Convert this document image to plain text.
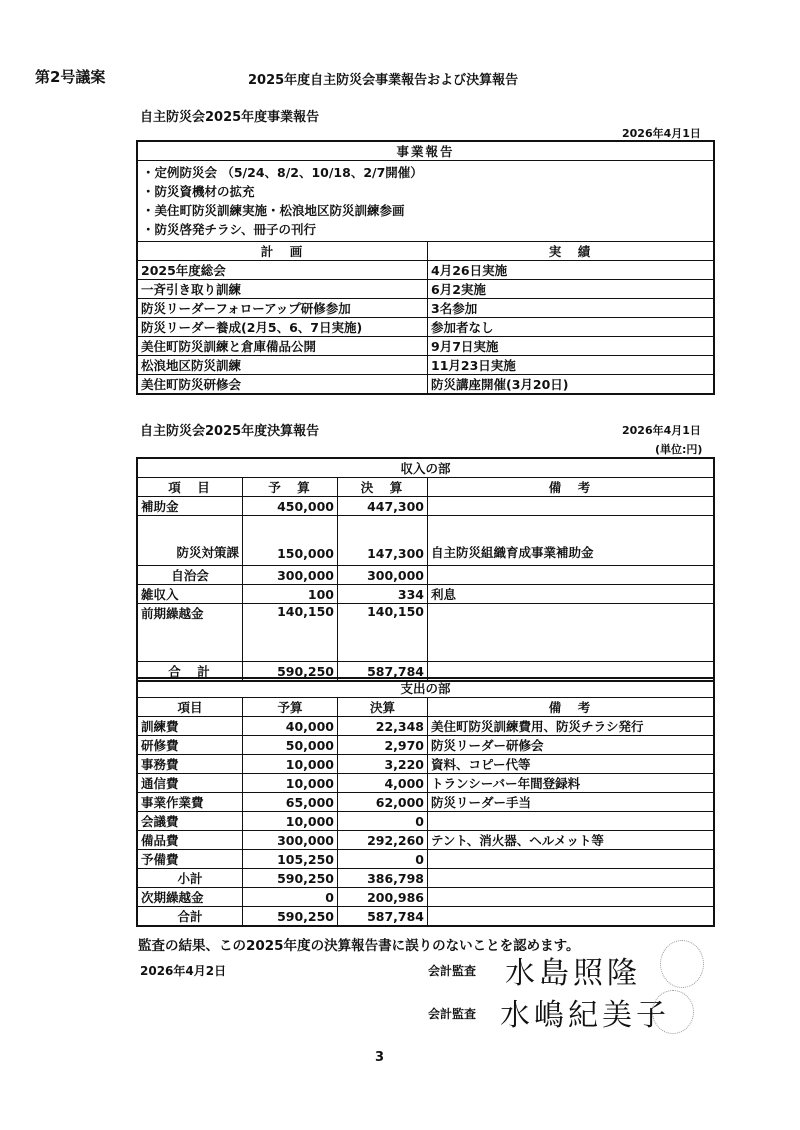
第2号議案	2025年度自主防災会事業報告および決算報告
自主防災会2025年度事業報告
2026年4月1日
事業報告	

・定例防災会 （5/24、8/2、10/18、2/7開催）
・防災資機材の拡充
・美住町防災訓練実施・松浪地区防災訓練参画
・防災啓発チラシ、冊子の刊行	

計　画	実　績
2025年度総会	4月26日実施
一斉引き取り訓練	6月2実施
防災リーダーフォローアップ研修参加	3名参加
防災リーダー養成(2月5、6、7日実施)	参加者なし
美住町防災訓練と倉庫備品公開	9月7日実施
松浪地区防災訓練	11月23日実施
美住町防災研修会	防災講座開催(3月20日)
自主防災会2025年度決算報告	2026年4月1日
(単位:円)
収入の部			
項　目	予　算	決　算	備　考
補助金	450,000	447,300	
防災対策課	150,000	147,300	自主防災組織育成事業補助金
自治会	300,000	300,000	
雑収入	100	334	利息
前期繰越金	140,150	140,150	
合　計	590,250	587,784	
支出の部			
項目	予算	決算	備　考
訓練費	40,000	22,348	美住町防災訓練費用、防災チラシ発行
研修費	50,000	2,970	防災リーダー研修会
事務費	10,000	3,220	資料、コピー代等
通信費	10,000	4,000	トランシーバー年間登録料
事業作業費	65,000	62,000	防災リーダー手当
会議費	10,000	0	
備品費	300,000	292,260	テント、消火器、ヘルメット等
予備費	105,250	0	
小計	590,250	386,798	
次期繰越金	0	200,986	
合計	590,250	587,784	
監査の結果、この2025年度の決算報告書に誤りのないことを認めます。
2026年4月2日	会計監査 水島照隆
会計監査 水嶋紀美子
3
